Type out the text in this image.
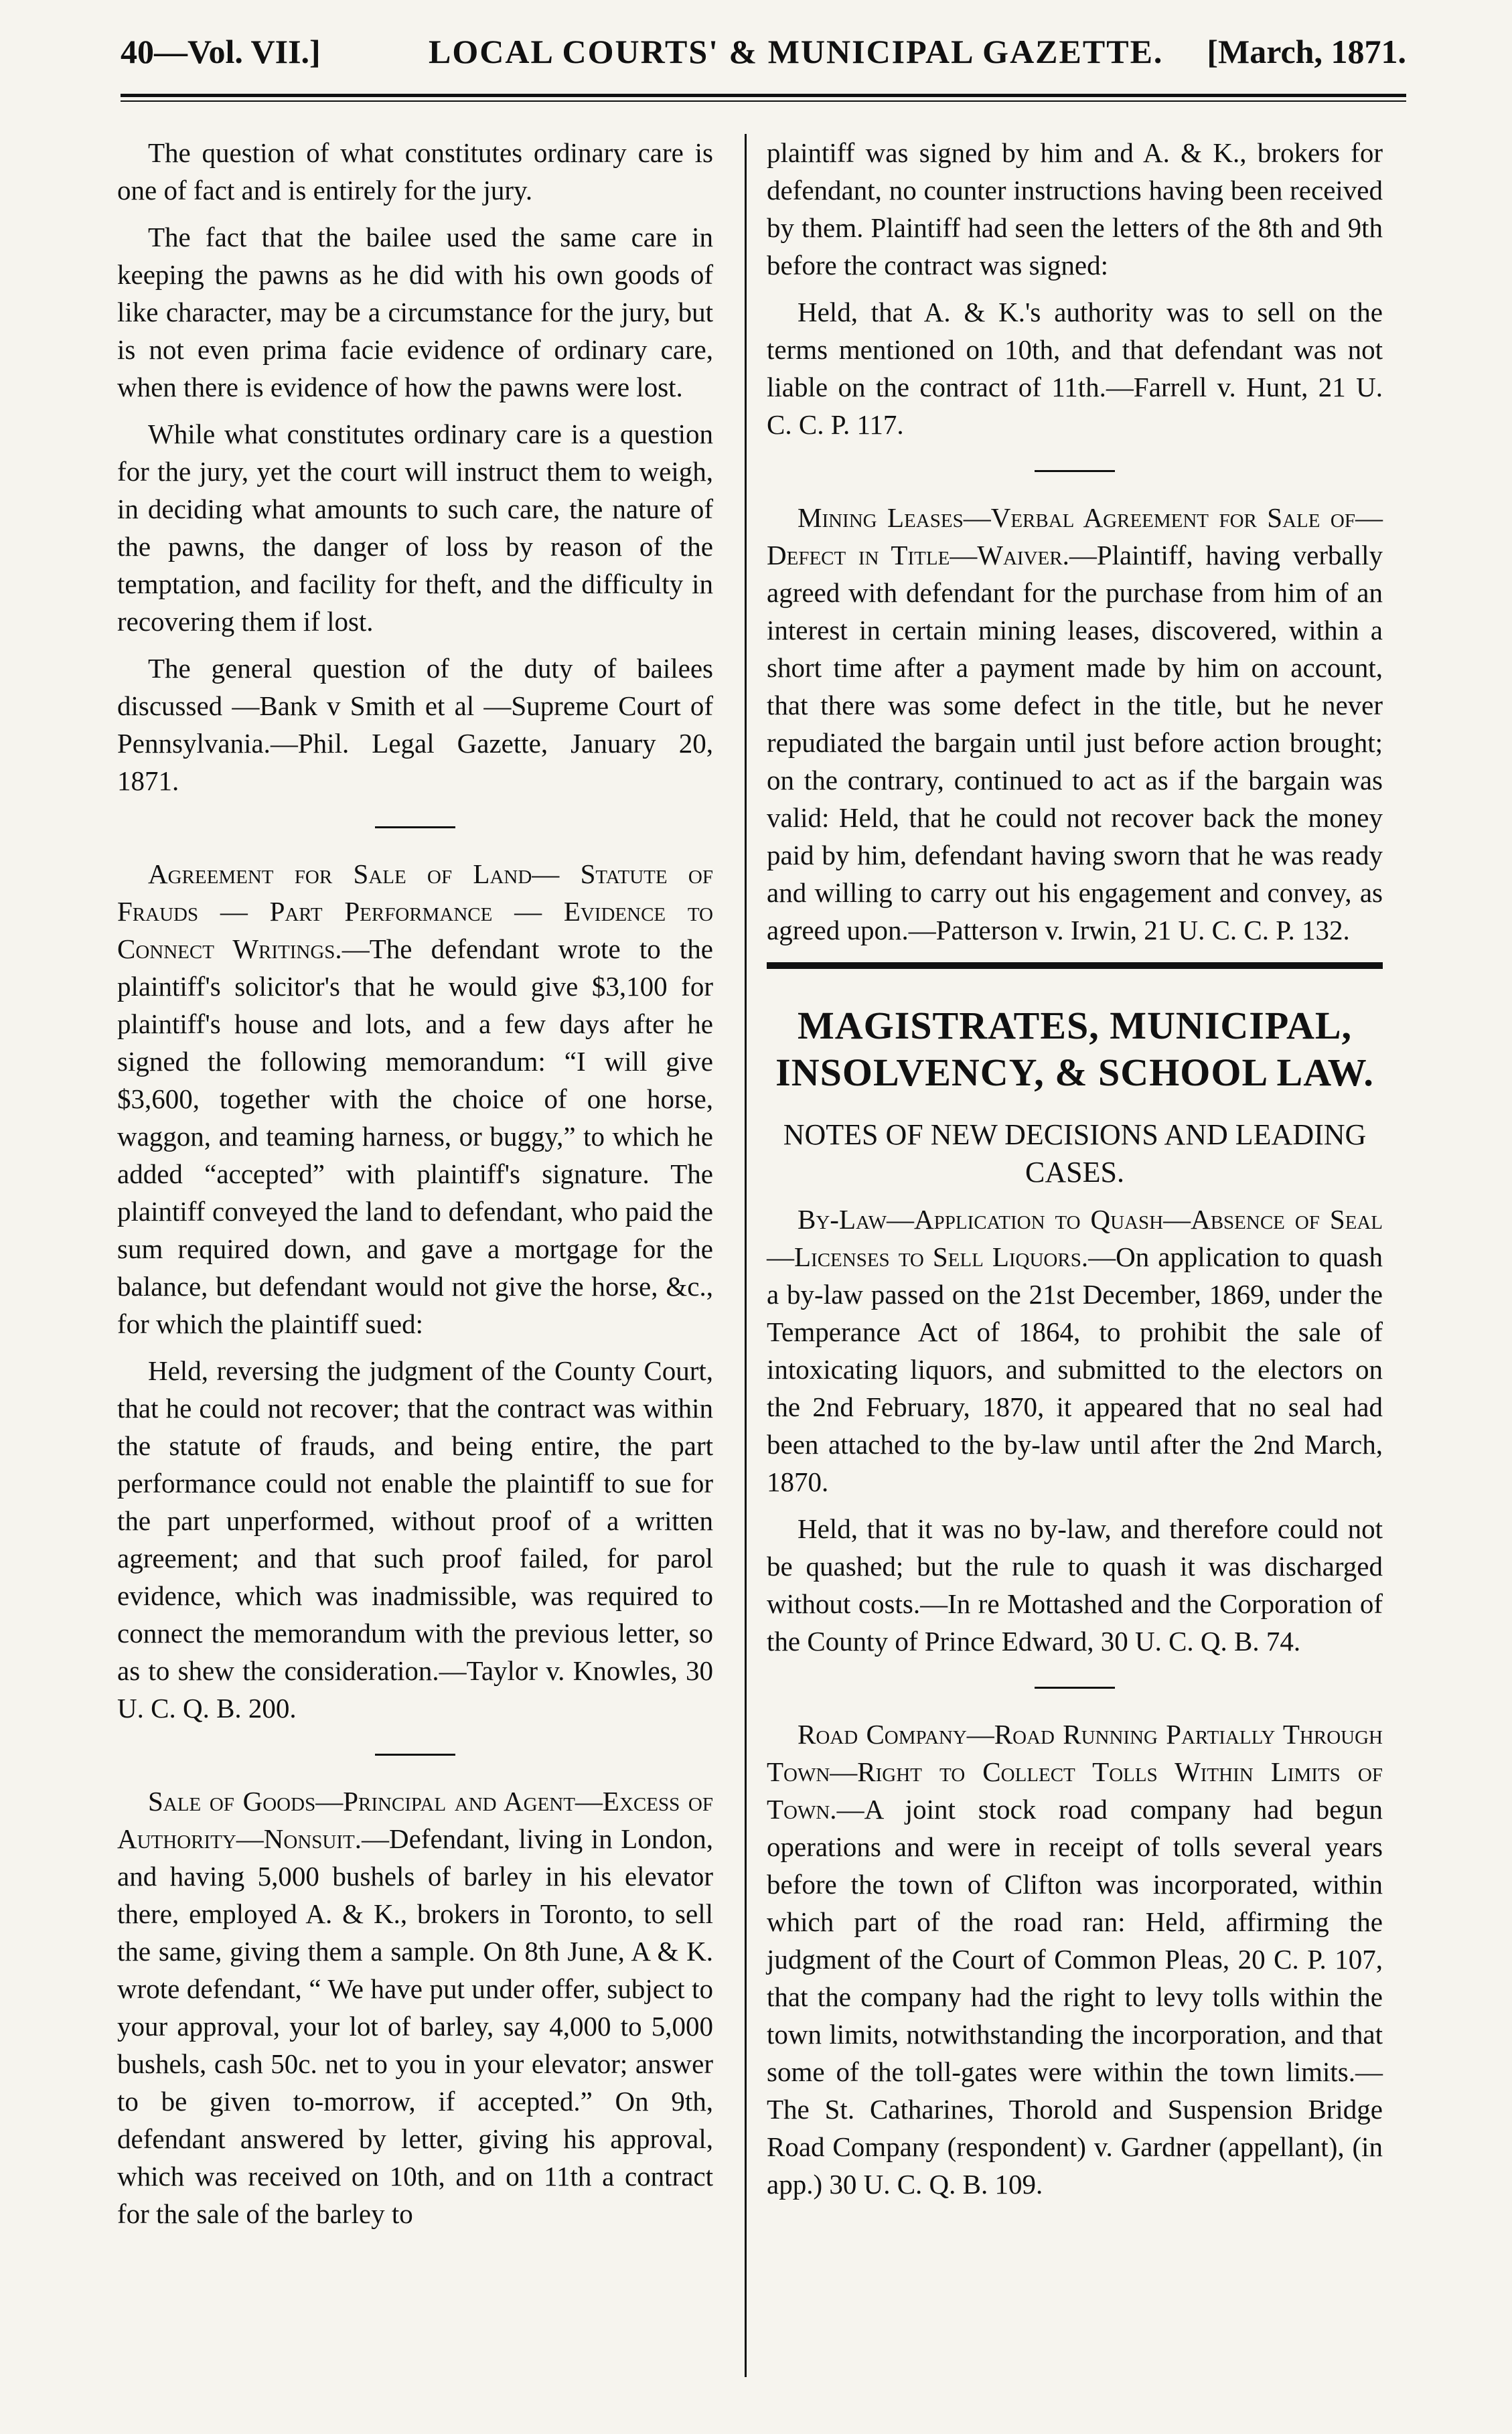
40—Vol. VII.]	LOCAL COURTS' & MUNICIPAL GAZETTE. [March, 1871.

The question of what constitutes ordinary care is one of fact and is entirely for the jury.

The fact that the bailee used the same care in keeping the pawns as he did with his own goods of like character, may be a circumstance for the jury, but is not even prima facie evidence of ordinary care, when there is evidence of how the pawns were lost.

While what constitutes ordinary care is a question for the jury, yet the court will instruct them to weigh, in deciding what amounts to such care, the nature of the pawns, the danger of loss by reason of the temptation, and facility for theft, and the difficulty in recovering them if lost.

The general question of the duty of bailees discussed —Bank v Smith et al —Supreme Court of Pennsylvania.—Phil. Legal Gazette, January 20, 1871.

Agreement for Sale of Land— Statute of Frauds — Part Performance — Evidence to Connect Writings.—The defendant wrote to the plaintiff's solicitor's that he would give $3,100 for plaintiff's house and lots, and a few days after he signed the following memorandum: “I will give $3,600, together with the choice of one horse, waggon, and teaming harness, or buggy,” to which he added “accepted” with plaintiff's signature. The plaintiff conveyed the land to defendant, who paid the sum required down, and gave a mortgage for the balance, but defendant would not give the horse, &c., for which the plaintiff sued:

Held, reversing the judgment of the County Court, that he could not recover; that the contract was within the statute of frauds, and being entire, the part performance could not enable the plaintiff to sue for the part unperformed, without proof of a written agreement; and that such proof failed, for parol evidence, which was inadmissible, was required to connect the memorandum with the previous letter, so as to shew the consideration.—Taylor v. Knowles, 30 U. C. Q. B. 200.

Sale of Goods—Principal and Agent—Excess of Authority—Nonsuit.—Defendant, living in London, and having 5,000 bushels of barley in his elevator there, employed A. & K., brokers in Toronto, to sell the same, giving them a sample. On 8th June, A & K. wrote defendant, “ We have put under offer, subject to your approval, your lot of barley, say 4,000 to 5,000 bushels, cash 50c. net to you in your elevator; answer to be given to-morrow, if accepted.” On 9th, defendant answered by letter, giving his approval, which was received on 10th, and on 11th a contract for the sale of the barley to

plaintiff was signed by him and A. & K., brokers for defendant, no counter instructions having been received by them. Plaintiff had seen the letters of the 8th and 9th before the contract was signed:

Held, that A. & K.'s authority was to sell on the terms mentioned on 10th, and that defendant was not liable on the contract of 11th.—Farrell v. Hunt, 21 U. C. C. P. 117.

Mining Leases—Verbal Agreement for Sale of—Defect in Title—Waiver.—Plaintiff, having verbally agreed with defendant for the purchase from him of an interest in certain mining leases, discovered, within a short time after a payment made by him on account, that there was some defect in the title, but he never repudiated the bargain until just before action brought; on the contrary, continued to act as if the bargain was valid: Held, that he could not recover back the money paid by him, defendant having sworn that he was ready and willing to carry out his engagement and convey, as agreed upon.—Patterson v. Irwin, 21 U. C. C. P. 132.

MAGISTRATES, MUNICIPAL, INSOLVENCY, & SCHOOL LAW.

NOTES OF NEW DECISIONS AND LEADING CASES.

By-Law—Application to Quash—Absence of Seal—Licenses to Sell Liquors.—On application to quash a by-law passed on the 21st December, 1869, under the Temperance Act of 1864, to prohibit the sale of intoxicating liquors, and submitted to the electors on the 2nd February, 1870, it appeared that no seal had been attached to the by-law until after the 2nd March, 1870.

Held, that it was no by-law, and therefore could not be quashed; but the rule to quash it was discharged without costs.—In re Mottashed and the Corporation of the County of Prince Edward, 30 U. C. Q. B. 74.

Road Company—Road Running Partially Through Town—Right to Collect Tolls Within Limits of Town.—A joint stock road company had begun operations and were in receipt of tolls several years before the town of Clifton was incorporated, within which part of the road ran: Held, affirming the judgment of the Court of Common Pleas, 20 C. P. 107, that the company had the right to levy tolls within the town limits, notwithstanding the incorporation, and that some of the toll-gates were within the town limits.—The St. Catharines, Thorold and Suspension Bridge Road Company (respondent) v. Gardner (appellant), (in app.) 30 U. C. Q. B. 109.
